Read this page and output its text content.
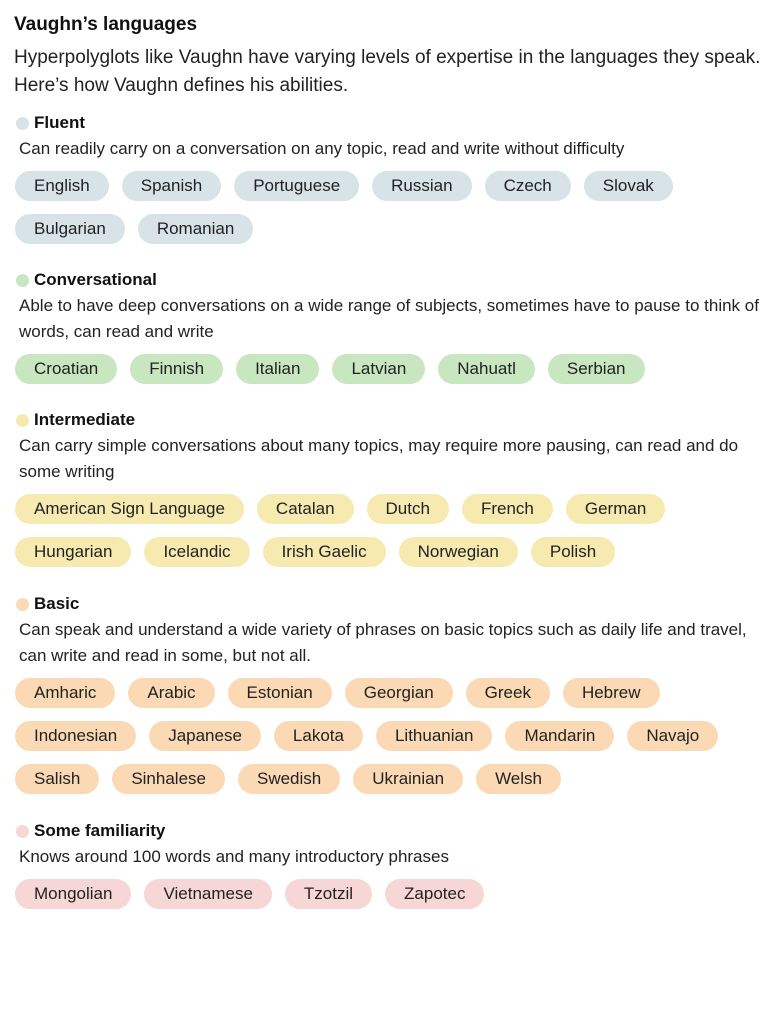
Vaughn’s languages

Hyperpolyglots like Vaughn have varying levels of expertise in the languages they speak. Here’s how Vaughn defines his abilities.

Fluent
Can readily carry on a conversation on any topic, read and write without difficulty
English	Spanish	Portuguese	Russian	Czech	Slovak
Bulgarian	Romanian
Conversational
Able to have deep conversations on a wide range of subjects, sometimes have to pause to think of words, can read and write
Croatian	Finnish	Italian	Latvian	Nahuatl	Serbian
Intermediate
Can carry simple conversations about many topics, may require more pausing, can read and do some writing
American Sign Language	Catalan	Dutch	French	German
Hungarian	Icelandic	Irish Gaelic	Norwegian	Polish
Basic
Can speak and understand a wide variety of phrases on basic topics such as daily life and travel, can write and read in some, but not all.
Amharic	Arabic	Estonian	Georgian	Greek	Hebrew
Indonesian	Japanese	Lakota	Lithuanian	Mandarin	Navajo
Salish	Sinhalese	Swedish	Ukrainian	Welsh
Some familiarity
Knows around 100 words and many introductory phrases
Mongolian	Vietnamese	Tzotzil	Zapotec
